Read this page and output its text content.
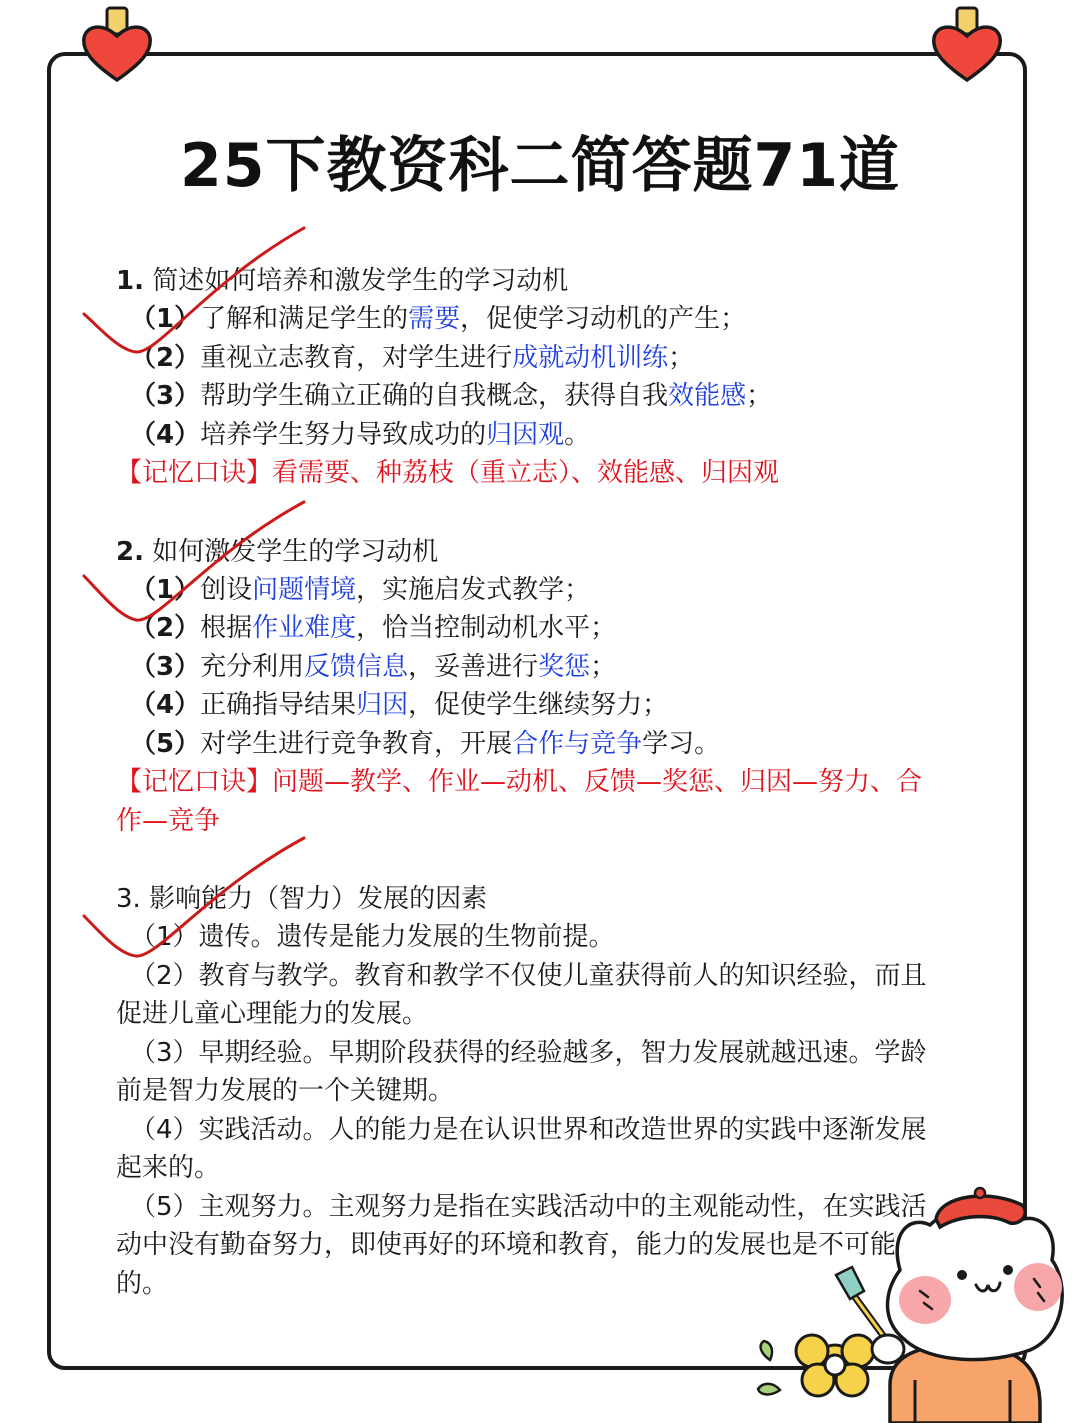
25下教资科二简答题71道

1. 简述如何培养和激发学生的学习动机

（1）了解和满足学生的需要，促使学习动机的产生；

（2）重视立志教育，对学生进行成就动机训练；

（3）帮助学生确立正确的自我概念，获得自我效能感；

（4）培养学生努力导致成功的归因观。

【记忆口诀】看需要、种荔枝（重立志）、效能感、归因观

2. 如何激发学生的学习动机

（1）创设问题情境，实施启发式教学；

（2）根据作业难度，恰当控制动机水平；

（3）充分利用反馈信息，妥善进行奖惩；

（4）正确指导结果归因，促使学生继续努力；

（5）对学生进行竞争教育，开展合作与竞争学习。

【记忆口诀】问题—教学、作业—动机、反馈—奖惩、归因—努力、合

作—竞争

3. 影响能力（智力）发展的因素

（1）遗传。遗传是能力发展的生物前提。

（2）教育与教学。教育和教学不仅使儿童获得前人的知识经验，而且

促进儿童心理能力的发展。

（3）早期经验。早期阶段获得的经验越多，智力发展就越迅速。学龄

前是智力发展的一个关键期。

（4）实践活动。人的能力是在认识世界和改造世界的实践中逐渐发展

起来的。

（5）主观努力。主观努力是指在实践活动中的主观能动性，在实践活

动中没有勤奋努力，即使再好的环境和教育，能力的发展也是不可能

的。
